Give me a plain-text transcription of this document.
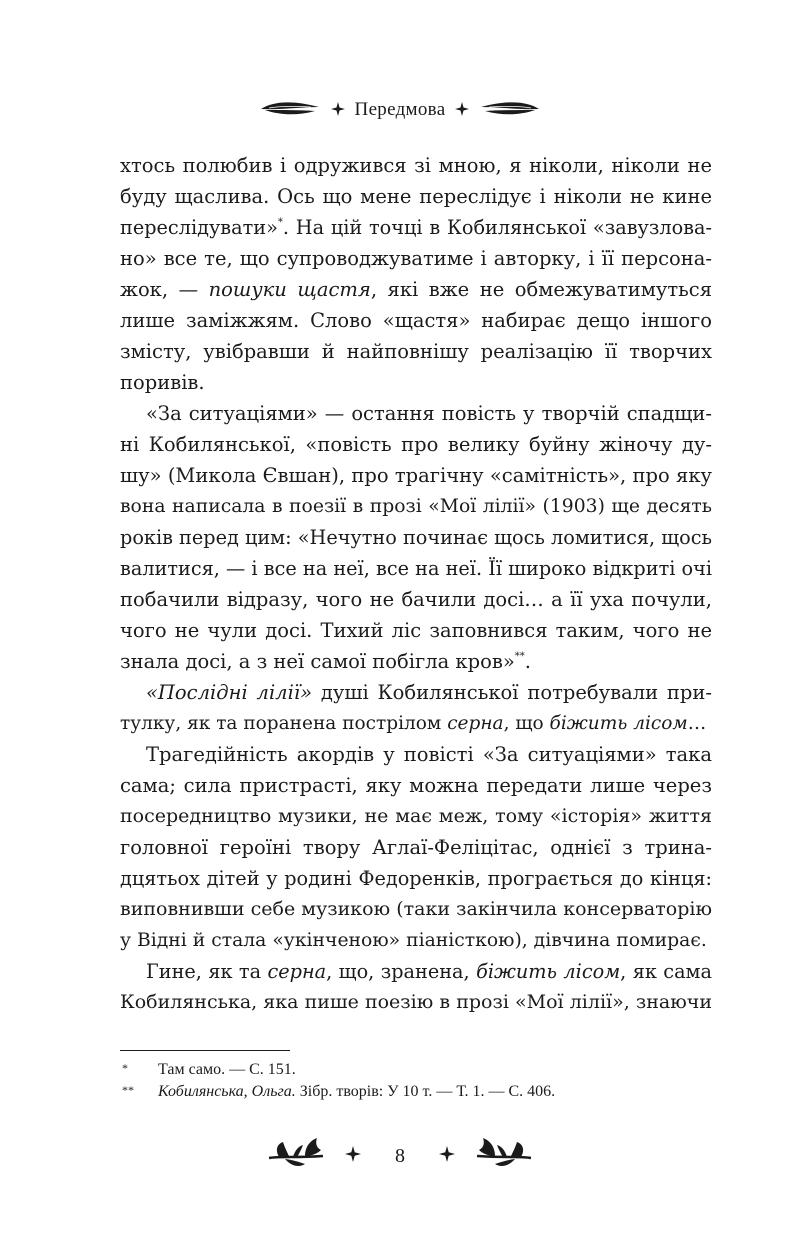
Передмова
хтось полюбив і одружився зі мною, я ніколи, ніколи не
буду щаслива. Ось що мене переслідує і ніколи не кине
переслідувати»*. На цій точці в Кобилянської «завузлова-
но» все те, що супроводжуватиме і авторку, і її персона-
жок, — пошуки щастя, які вже не обмежуватимуться
лише заміжжям. Слово «щастя» набирає дещо іншого
змісту, увібравши й найповнішу реалізацію її творчих
поривів.
«За ситуаціями» — остання повість у творчій спадщи-
ні Кобилянської, «повість про велику буйну жіночу ду-
шу» (Микола Євшан), про трагічну «самітність», про яку
вона написала в поезії в прозі «Мої лілії» (1903) ще десять
років перед цим: «Нечутно починає щось ломитися, щось
валитися, — і все на неї, все на неї. Її широко відкриті очі
побачили відразу, чого не бачили досі… а її уха почули,
чого не чули досі. Тихий ліс заповнився таким, чого не
знала досі, а з неї самої побігла кров»**.
«Послідні лілії» душі Кобилянської потребували при-
тулку, як та поранена пострілом серна, що біжить лісом…
Трагедійність акордів у повісті «За ситуаціями» така
сама; сила пристрасті, яку можна передати лише через
посередництво музики, не має меж, тому «історія» життя
головної героїні твору Аглаї-Феліцітас, однієї з трина-
дцятьох дітей у родині Федоренків, програється до кінця:
виповнивши себе музикою (таки закінчила консерваторію
у Відні й стала «укінченою» піаністкою), дівчина помирає.
Гине, як та серна, що, зранена, біжить лісом, як сама
Кобилянська, яка пише поезію в прозі «Мої лілії», знаючи
* Там само. — С. 151.
** Кобилянська, Ольга. Зібр. творів: У 10 т. — Т. 1. — С. 406.
8
